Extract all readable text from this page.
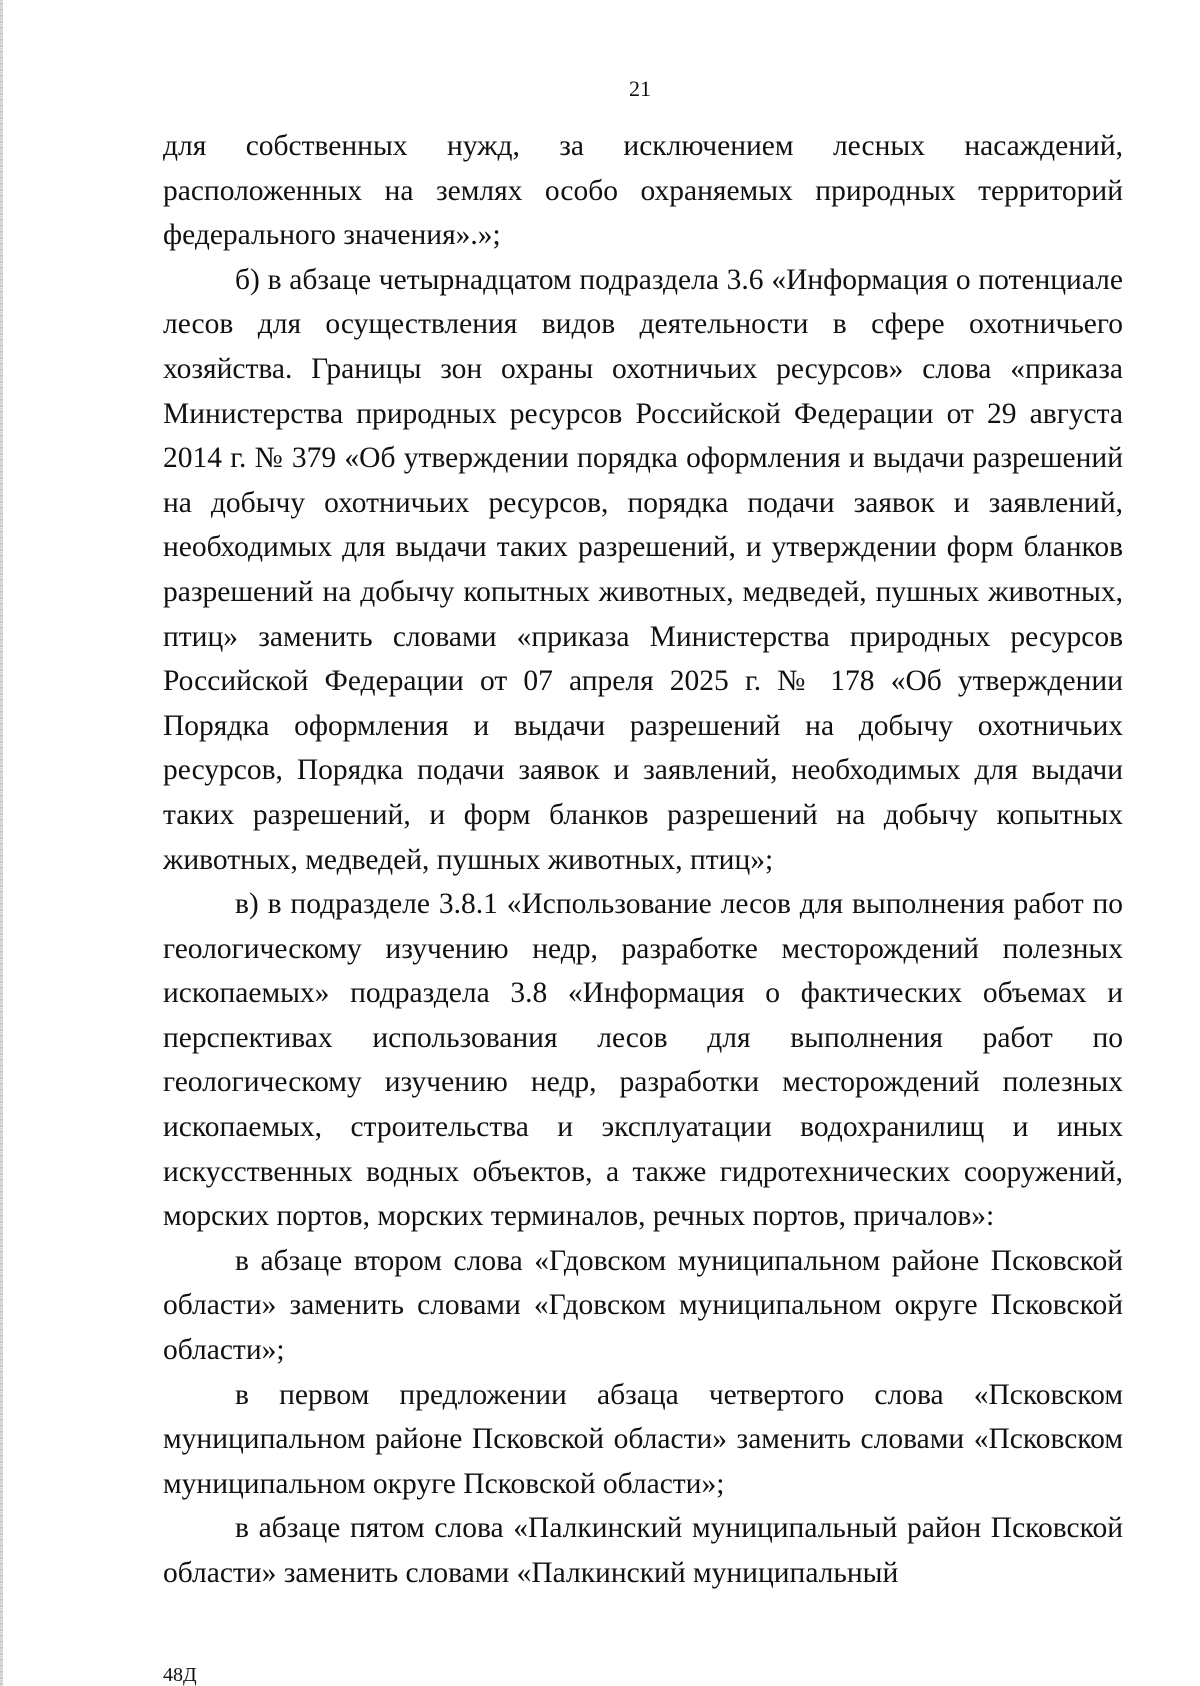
21

для собственных нужд, за исключением лесных насаждений, расположенных на землях особо охраняемых природных территорий федерального значения».»;

б) в абзаце четырнадцатом подраздела 3.6 «Информация о потенциале лесов для осуществления видов деятельности в сфере охотничьего хозяйства. Границы зон охраны охотничьих ресурсов» слова «приказа Министерства природных ресурсов Российской Федерации от 29 августа 2014 г. № 379 «Об утверждении порядка оформления и выдачи разрешений на добычу охотничьих ресурсов, порядка подачи заявок и заявлений, необходимых для выдачи таких разрешений, и утверждении форм бланков разрешений на добычу копытных животных, медведей, пушных животных, птиц» заменить словами «приказа Министерства природных ресурсов Российской Федерации от 07 апреля 2025 г. № 178 «Об утверждении Порядка оформления и выдачи разрешений на добычу охотничьих ресурсов, Порядка подачи заявок и заявлений, необходимых для выдачи таких разрешений, и форм бланков разрешений на добычу копытных животных, медведей, пушных животных, птиц»;

в) в подразделе 3.8.1 «Использование лесов для выполнения работ по геологическому изучению недр, разработке месторождений полезных ископаемых» подраздела 3.8 «Информация о фактических объемах и перспективах использования лесов для выполнения работ по геологическому изучению недр, разработки месторождений полезных ископаемых, строительства и эксплуатации водохранилищ и иных искусственных водных объектов, а также гидротехнических сооружений, морских портов, морских терминалов, речных портов, причалов»:

в абзаце втором слова «Гдовском муниципальном районе Псковской области» заменить словами «Гдовском муниципальном округе Псковской области»;

в первом предложении абзаца четвертого слова «Псковском муниципальном районе Псковской области» заменить словами «Псковском муниципальном округе Псковской области»;

в абзаце пятом слова «Палкинский муниципальный район Псковской области» заменить словами «Палкинский муниципальный

48Д
